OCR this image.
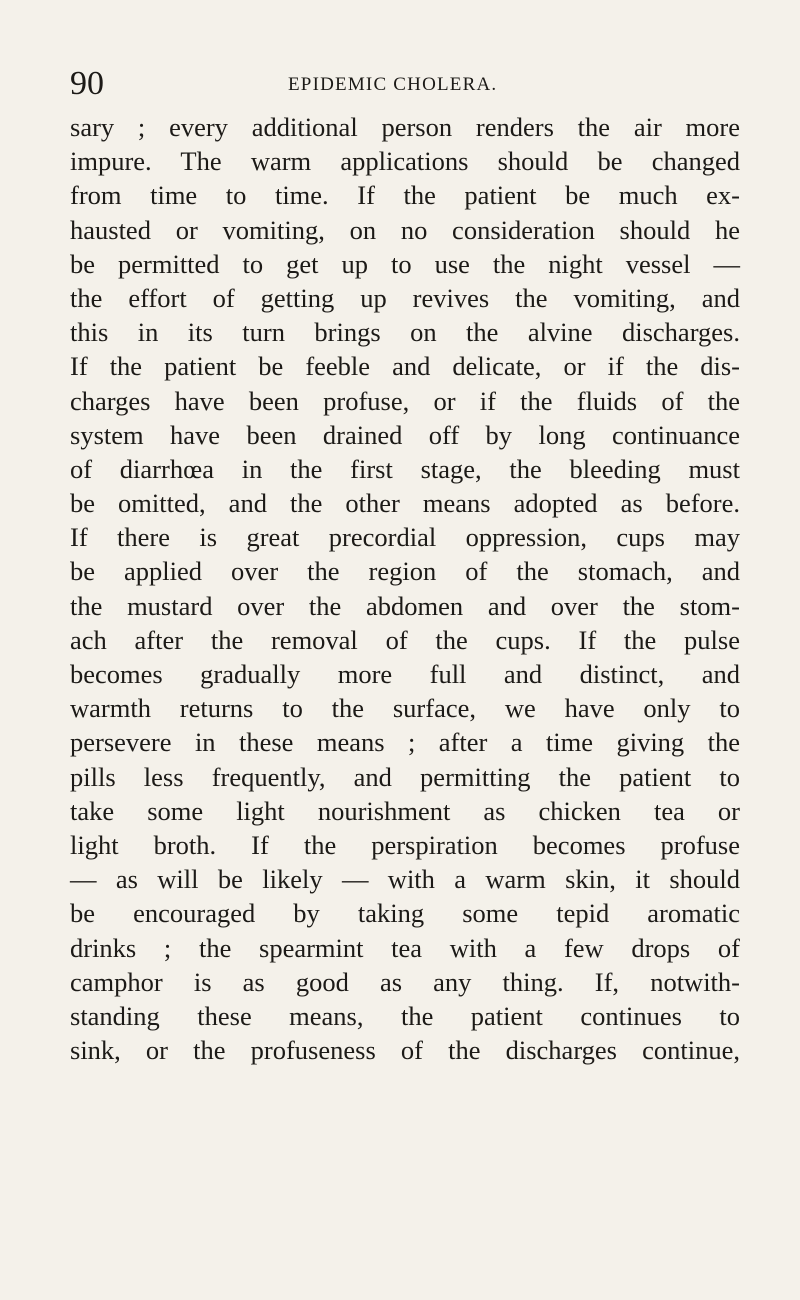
90	EPIDEMIC CHOLERA.
sary ; every additional person renders the air more
impure. The warm applications should be changed
from time to time. If the patient be much ex-
hausted or vomiting, on no consideration should he
be permitted to get up to use the night vessel —
the effort of getting up revives the vomiting, and
this in its turn brings on the alvine discharges.
If the patient be feeble and delicate, or if the dis-
charges have been profuse, or if the fluids of the
system have been drained off by long continuance
of diarrhœa in the first stage, the bleeding must
be omitted, and the other means adopted as before.
If there is great precordial oppression, cups may
be applied over the region of the stomach, and
the mustard over the abdomen and over the stom-
ach after the removal of the cups. If the pulse
becomes gradually more full and distinct, and
warmth returns to the surface, we have only to
persevere in these means ; after a time giving the
pills less frequently, and permitting the patient to
take some light nourishment as chicken tea or
light broth. If the perspiration becomes profuse
— as will be likely — with a warm skin, it should
be encouraged by taking some tepid aromatic
drinks ; the spearmint tea with a few drops of
camphor is as good as any thing. If, notwith-
standing these means, the patient continues to
sink, or the profuseness of the discharges continue,
